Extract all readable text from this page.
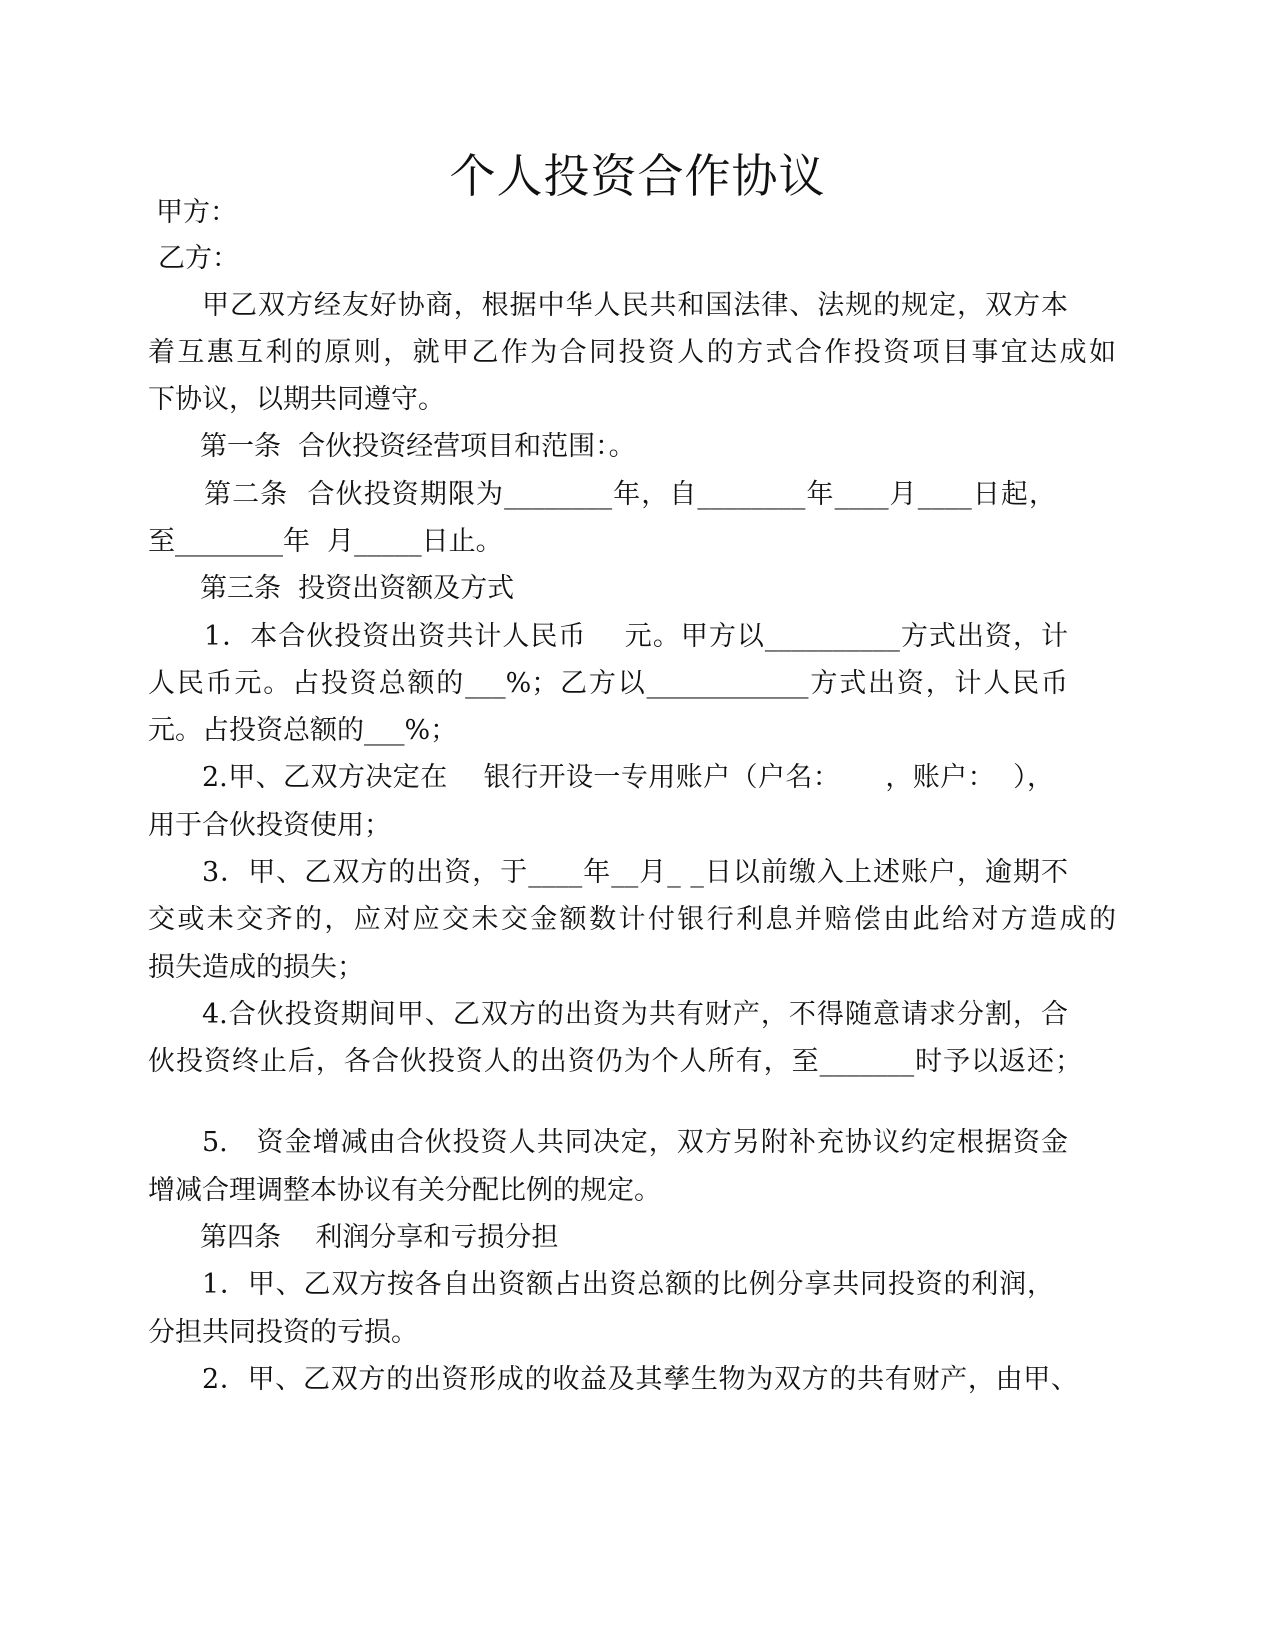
个人投资合作协议
甲方：
乙方：
甲乙双方经友好协商，根据中华人民共和国法律、法规的规定，双方本
着互惠互利的原则，就甲乙作为合同投资人的方式合作投资项目事宜达成如
下协议，以期共同遵守。
第一条  合伙投资经营项目和范围：。
第二条  合伙投资期限为________年，自________年____月____日起，
至________年  月_____日止。
第三条  投资出资额及方式
1．本合伙投资出资共计人民币    元。甲方以__________方式出资，计
人民币元。占投资总额的___%；乙方以____________方式出资，计人民币
元。占投资总额的___%；
2.甲、乙双方决定在    银行开设一专用账户（户名：     ，账户：  ），
用于合伙投资使用；
3．甲、乙双方的出资，于____年__月_ _日以前缴入上述账户，逾期不
交或未交齐的，应对应交未交金额数计付银行利息并赔偿由此给对方造成的
损失造成的损失；
4.合伙投资期间甲、乙双方的出资为共有财产，不得随意请求分割，合
伙投资终止后，各合伙投资人的出资仍为个人所有，至_______时予以返还；
5.   资金增减由合伙投资人共同决定，双方另附补充协议约定根据资金
增减合理调整本协议有关分配比例的规定。
第四条    利润分享和亏损分担
1．甲、乙双方按各自出资额占出资总额的比例分享共同投资的利润，
分担共同投资的亏损。
2．甲、乙双方的出资形成的收益及其孳生物为双方的共有财产，由甲、
